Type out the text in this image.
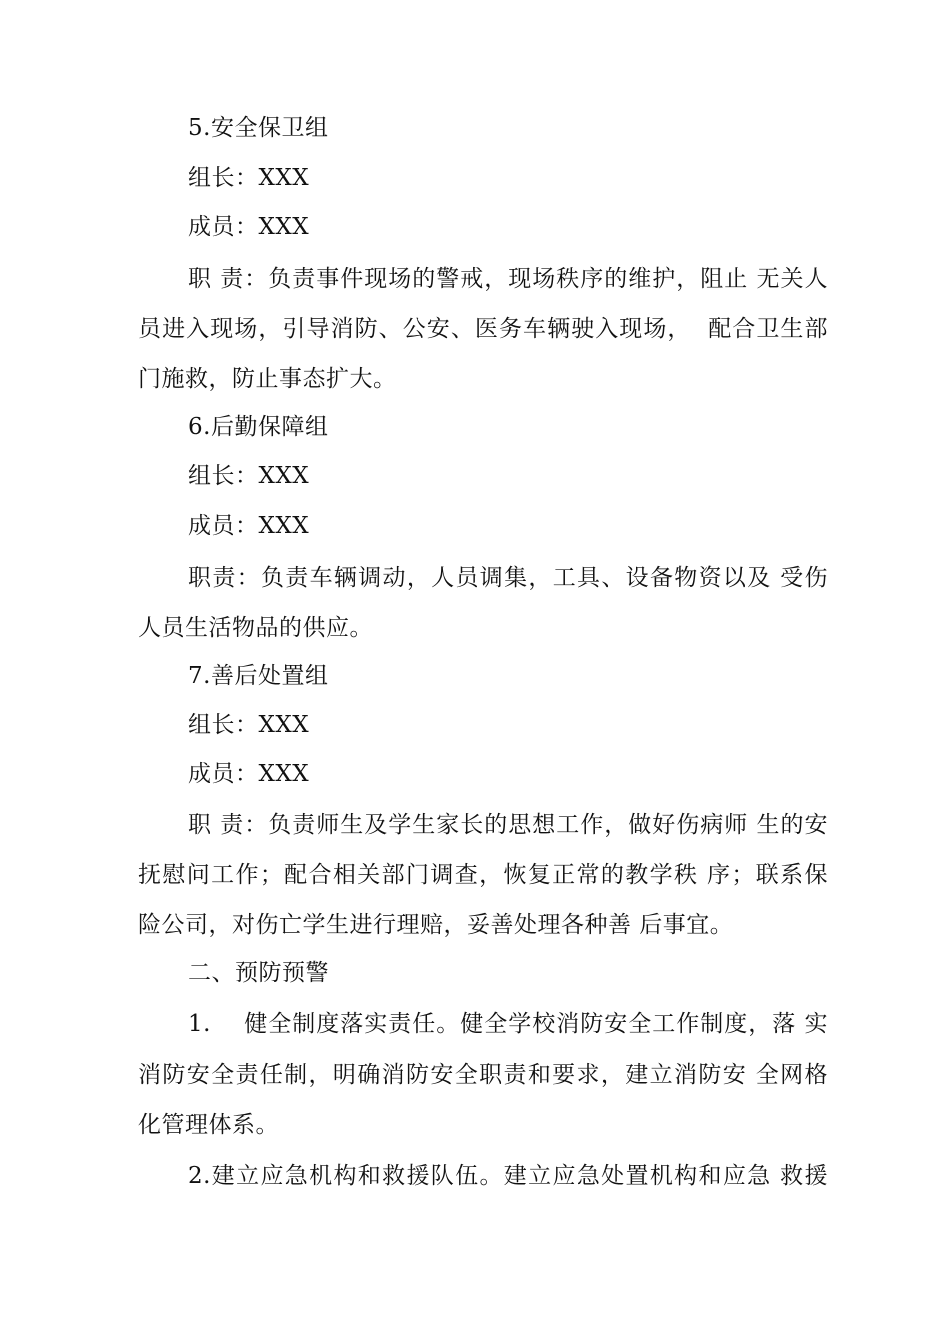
5.安全保卫组
组长：XXX
成员：XXX
职 责：负责事件现场的警戒，现场秩序的维护，阻止 无关人
员进入现场，引导消防、公安、医务车辆驶入现场，  配合卫生部
门施救，防止事态扩大。
6.后勤保障组
组长：XXX
成员：XXX
职责：负责车辆调动，人员调集，工具、设备物资以及 受伤
人员生活物品的供应。
7.善后处置组
组长：XXX
成员：XXX
职 责：负责师生及学生家长的思想工作，做好伤病师 生的安
抚慰问工作；配合相关部门调查，恢复正常的教学秩 序；联系保
险公司，对伤亡学生进行理赔，妥善处理各种善 后事宜。
二、预防预警
1.    健全制度落实责任。健全学校消防安全工作制度，落 实
消防安全责任制，明确消防安全职责和要求，建立消防安 全网格
化管理体系。
2.建立应急机构和救援队伍。建立应急处置机构和应急 救援
